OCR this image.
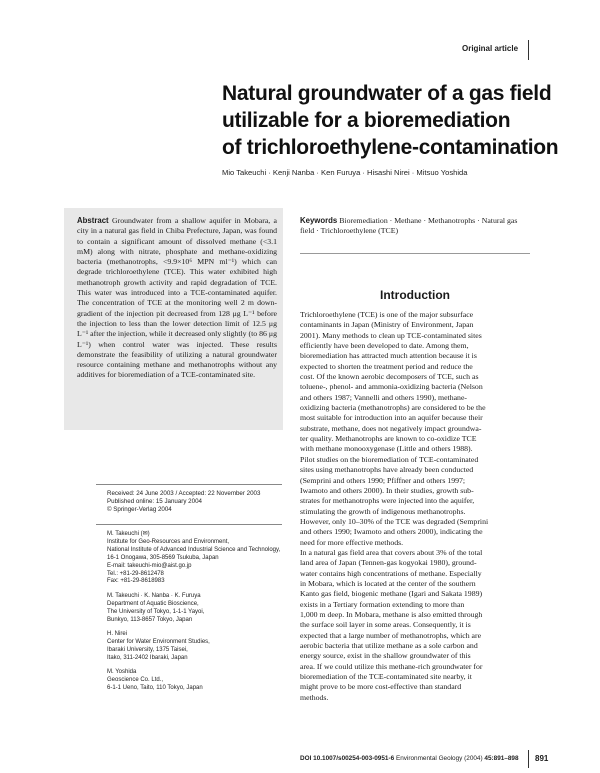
Original article
Natural groundwater of a gas field
utilizable for a bioremediation
of trichloroethylene-contamination
Mio Takeuchi · Kenji Nanba · Ken Furuya · Hisashi Nirei · Mitsuo Yoshida
Abstract Groundwater from a shallow aquifer in Mobara, a city in a natural gas field in Chiba Prefecture, Japan, was found to contain a significant amount of dissolved methane (<3.1 mM) along with nitrate, phosphate and methane-oxidizing bacteria (methanotrophs, <9.9×10⁶ MPN ml⁻¹) which can degrade trichloroethylene (TCE). This water exhibited high methanotroph growth activity and rapid degradation of TCE. This water was introduced into a TCE-contaminated aquifer. The concentration of TCE at the monitoring well 2 m down-gradient of the injection pit decreased from 128 μg L⁻¹ before the injection to less than the lower detection limit of 12.5 μg L⁻¹ after the injection, while it decreased only slightly (to 86 μg L⁻¹) when control water was injected. These results demonstrate the feasibility of utilizing a natural groundwater resource containing methane and methanotrophs without any additives for bioremediation of a TCE-contaminated site.
Keywords Bioremediation · Methane · Methanotrophs · Natural gas field · Trichloroethylene (TCE)
Introduction
Trichloroethylene (TCE) is one of the major subsurface
contaminants in Japan (Ministry of Environment, Japan
2001). Many methods to clean up TCE-contaminated sites
efficiently have been developed to date. Among them,
bioremediation has attracted much attention because it is
expected to shorten the treatment period and reduce the
cost. Of the known aerobic decomposers of TCE, such as
toluene-, phenol- and ammonia-oxidizing bacteria (Nelson
and others 1987; Vannelli and others 1990), methane-
oxidizing bacteria (methanotrophs) are considered to be the
most suitable for introduction into an aquifer because their
substrate, methane, does not negatively impact groundwa-
ter quality. Methanotrophs are known to co-oxidize TCE
with methane monooxygenase (Little and others 1988).
Pilot studies on the bioremediation of TCE-contaminated
sites using methanotrophs have already been conducted
(Semprini and others 1990; Pfiffner and others 1997;
Iwamoto and others 2000). In their studies, growth sub-
strates for methanotrophs were injected into the aquifer,
stimulating the growth of indigenous methanotrophs.
However, only 10–30% of the TCE was degraded (Semprini
and others 1990; Iwamoto and others 2000), indicating the
need for more effective methods.
In a natural gas field area that covers about 3% of the total
land area of Japan (Tennen-gas kogyokai 1980), ground-
water contains high concentrations of methane. Especially
in Mobara, which is located at the center of the southern
Kanto gas field, biogenic methane (Igari and Sakata 1989)
exists in a Tertiary formation extending to more than
1,000 m deep. In Mobara, methane is also emitted through
the surface soil layer in some areas. Consequently, it is
expected that a large number of methanotrophs, which are
aerobic bacteria that utilize methane as a sole carbon and
energy source, exist in the shallow groundwater of this
area. If we could utilize this methane-rich groundwater for
bioremediation of the TCE-contaminated site nearby, it
might prove to be more cost-effective than standard
methods.
Received: 24 June 2003 / Accepted: 22 November 2003
Published online: 15 January 2004
© Springer-Verlag 2004
M. Takeuchi (✉)
Institute for Geo-Resources and Environment,
National Institute of Advanced Industrial Science and Technology,
16-1 Onogawa, 305-8569 Tsukuba, Japan
E-mail: takeuchi-mio@aist.go.jp
Tel.: +81-29-8612478
Fax: +81-29-8618983
M. Takeuchi · K. Nanba · K. Furuya
Department of Aquatic Bioscience,
The University of Tokyo, 1-1-1 Yayoi,
Bunkyo, 113-8657 Tokyo, Japan
H. Nirei
Center for Water Environment Studies,
Ibaraki University, 1375 Taisei,
Itako, 311-2402 Ibaraki, Japan
M. Yoshida
Geoscience Co. Ltd.,
6-1-1 Ueno, Taito, 110 Tokyo, Japan
DOI 10.1007/s00254-003-0951-6 Environmental Geology (2004) 45:891–898 891
